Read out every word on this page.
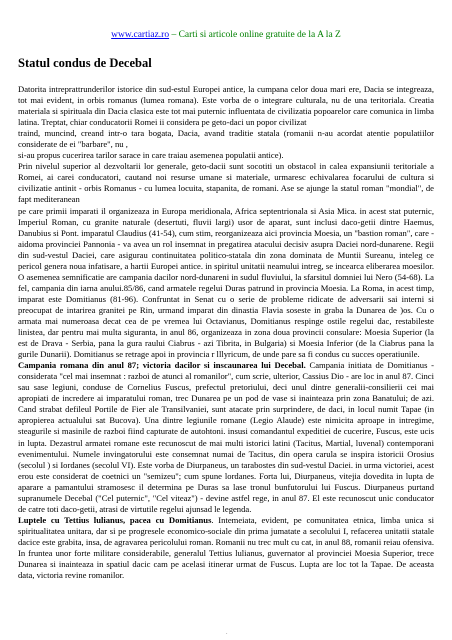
www.cartiaz.ro – Carti si articole online gratuite de la A la Z
Statul condus de Decebal

Datorita intreprattrunderilor istorice din sud-estul Europei antice, la cumpana celor doua mari ere, Dacia se integreaza, tot mai evident, in orbis romanus (lumea romana). Este vorba de o integrare culturala, nu de una teritoriala. Creatia materiala si spirituala din Dacia clasica este tot mai puternic influentata de civilizatia popoarelor care comunica in limba latina. Treptat, chiar conducatorii Romei ii considera pe geto-daci un popor civilizat

traind, muncind, creand intr-o tara bogata, Dacia, avand traditie statala (romanii n-au acordat atentie populatiilor considerate de ei "barbare", nu ,

si-au propus cucerirea tarilor sarace in care traiau asemenea populatii antice).

Prin nivelul superior al dezvoltarii lor generale, geto-dacii sunt socotiti un obstacol in calea expansiunii teritoriale a Romei, ai carei conducatori, cautand noi resurse umane si materiale, urmaresc echivalarea focarului de cultura si civilizatie antinit - orbis Romanus - cu lumea locuita, stapanita, de romani. Ase se ajunge la statul roman "mondial", de fapt mediteranean

pe care primii imparati il organizeaza in Europa meridionala, Africa septentrionala si Asia Mica. in acest stat puternic, Imperiul Roman, cu granite naturale (desertuti, fluvii largi) usor de aparat, sunt inclusi daco-getii dintre Haemus, Danubius si Pont. imparatul Claudius (41-54), cum stim, reorganizeaza aici provincia Moesia, un "bastion roman", care - aidoma provinciei Pannonia - va avea un rol insemnat in pregatirea atacului decisiv asupra Daciei nord-dunarene. Regii din sud-vestul Daciei, care asigurau continuitatea politico-statala din zona dominata de Muntii Sureanu, inteleg ce pericol genera noua infatisare, a hartii Europei antice. in spiritul unitatii neamului intreg, se incearca eliberarea moesilor. O asemenea semnificatie are campania dacilor nord-dunareni in sudul fluviului, la sfarsitul domniei lui Nero (54-68). La fel, campania din iarna anului.85/86, cand armatele regelui Duras patrund in provincia Moesia. La Roma, in acest timp, imparat este Domitianus (81-96). Confruntat in Senat cu o serie de probleme ridicate de adversarii sai interni si preocupat de intarirea granitei pe Rin, urmand imparat din dinastia Flavia soseste in graba la Dunarea de )os. Cu o armata mai numeroasa decat cea de pe vremea lui Octavianus, Domitianus respinge ostile regelui dac, restabileste linistea, dar pentru mai multa siguranta, in anul 86, organizeaza in zona doua provincii consulare: Moesia Superior (la est de Drava - Serbia, pana la gura raului Ciabrus - azi Tibrita, in Bulgaria) si Moesia Inferior (de la Ciabrus pana la gurile Dunarii). Domitianus se retrage apoi in provincia r lllyricum, de unde pare sa fi condus cu succes operatiunile.

Campania romana din anul 87; victoria dacilor si inscaunarea lui Decebal. Campania initiata de Domitianus - considerata "cel mai insemnat : razboi de atunci al romanilor", cum scrie, ulterior, Cassius Dio - are loc in anul 87. Cinci sau sase legiuni, conduse de Cornelius Fuscus, prefectul pretoriului, deci unul dintre generalii-consilierii cei mai apropiati de incredere ai imparatului roman, trec Dunarea pe un pod de vase si inainteaza prin zona Banatului; de azi. Cand strabat defileul Portile de Fier ale Transilvaniei, sunt atacate prin surprindere, de daci, in locul numit Tapae (in apropierea actualului sat Bucova). Una dintre legiunile romane (Legio Alaude) este nimicita aproape in intregime, steagurile si masinile de razboi fiind capturate de autohtoni. insusi comandantul expeditiei de cucerire, Fuscus, este ucis in lupta. Dezastrul armatei romane este recunoscut de mai multi istorici latini (Tacitus, Martial, luvenal) contemporani evenimentului. Numele invingatorului este consemnat numai de Tacitus, din opera carula se inspira istoricii Orosius (secolul ) si Iordanes (secolul VI). Este vorba de Diurpaneus, un tarabostes din sud-vestul Daciei. in urma victoriei, acest erou este considerat de coetnici un "semizeu"; cum spune lordanes. Forta lui, Diurpaneus, vitejia dovedita in lupta de aparare a pamantului stramosesc il determina pe Duras sa lase tronul bunfutorului lui Fuscus. Diurpaneus purtand supranumele Decebal ("Cel puternic", "Cel viteaz") - devine astfel rege, in anul 87. El este recunoscut unic conducator de catre toti daco-getii, atrasi de virtutile regelui ajunsad le legenda.

Luptele cu Tettius lulianus, pacea cu Domitianus. Intemeiata, evident, pe comunitatea etnica, limba unica si spiritualitatea unitara, dar si pe progresele economico-sociale din prima jumatate a secolului I, refacerea unitatii statale dacice este grabita, insa, de agravarea pericolului roman. Romanii nu trec mult cu cat, in anul 88, romanii reiau ofensiva. In fruntea unor forte militare considerabile, generalul Tettius lulianus, guvernator al provinciei Moesia Superior, trece Dunarea si inainteaza in spatiul dacic cam pe acelasi itinerar urmat de Fuscus. Lupta are loc tot la Tapae. De aceasta data, victoria revine romanilor.

.
